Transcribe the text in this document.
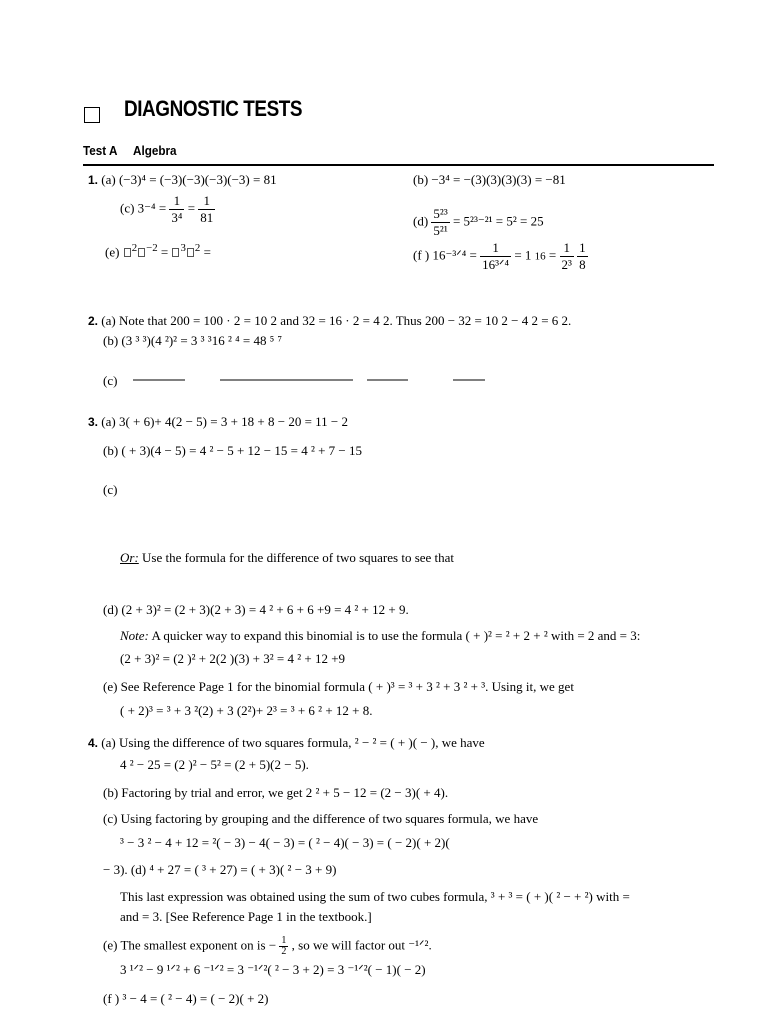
DIAGNOSTIC TESTS
Test A Algebra
1. (a) (−3)⁴ = (−3)(−3)(−3)(−3) = 81	(b) −3⁴ = −(3)(3)(3)(3) = −81
(c) $3^{-4} = \frac{1}{\text{3⁴}} = \frac{1}{81}$	$(d) \frac{\text{5²³}}{\text{5²¹}} = 5^{23-21} = 5^2 = 25$
(e) $^2$ $^{-2}$ = $^3$ $^2$ =	(f ) 16⁻³ᐟ⁴ = $\frac{1}{\text{16³ᐟ⁴}} = 1$ $16 = \frac{1}{\text{2³}}$
$\frac{1}{8}$
2. (a) Note that 200 = 100 · 2 = 10 2 and 32 = 16 · 2 = 4 2. Thus 200 − 32 = 10 2 − 4 2 = 6 2.
(b) (3 ³ ³)(4 ²)² = 3 ³ ³16 ² ⁴ = 48 ⁵ ⁷
(c)
3. (a) 3( + 6)+ 4(2 − 5) = 3 + 18 + 8 − 20 = 11 − 2
(b) ( + 3)(4 − 5) = 4 ² − 5 + 12 − 15 = 4 ² + 7 − 15
(c)
Or: Use the formula for the difference of two squares to see that
(d) (2 + 3)² = (2 + 3)(2 + 3) = 4 ² + 6 + 6 +9 = 4 ² + 12 + 9.
Note: A quicker way to expand this binomial is to use the formula ( + )² = ² + 2 + ² with = 2 and = 3:
(2 + 3)² = (2 )² + 2(2 )(3) + 3² = 4 ² + 12 +9
(e) See Reference Page 1 for the binomial formula ( + )³ = ³ + 3 ² + 3 ² + ³. Using it, we get
( + 2)³ = ³ + 3 ²(2) + 3 (2²)+ 2³ = ³ + 6 ² + 12 + 8.
4. (a) Using the difference of two squares formula, ² − ² = ( + )( − ), we have
4 ² − 25 = (2 )² − 5² = (2 + 5)(2 − 5).
(b) Factoring by trial and error, we get 2 ² + 5 − 12 = (2 − 3)( + 4).
(c) Using factoring by grouping and the difference of two squares formula, we have
³ − 3 ² − 4 + 12 = ²( − 3) − 4( − 3) = ( ² − 4)( − 3) = ( − 2)( + 2)(
− 3). (d) ⁴ + 27 = ( ³ + 27) = ( + 3)( ² − 3 + 9)
This last expression was obtained using the sum of two cubes formula, ³ + ³ = ( + )( ² − + ²) with =
and = 3. [See Reference Page 1 in the textbook.]
(e) The smallest exponent on is − $\frac{1}{2}$ , so we will factor out ⁻¹ᐟ².
3 ¹ᐟ² − 9 ¹ᐟ² + 6 ⁻¹ᐟ² = 3 ⁻¹ᐟ²( ² − 3 + 2) = 3 ⁻¹ᐟ²( − 1)( − 2)
(f ) ³ − 4 = ( ² − 4) = ( − 2)( + 2)
